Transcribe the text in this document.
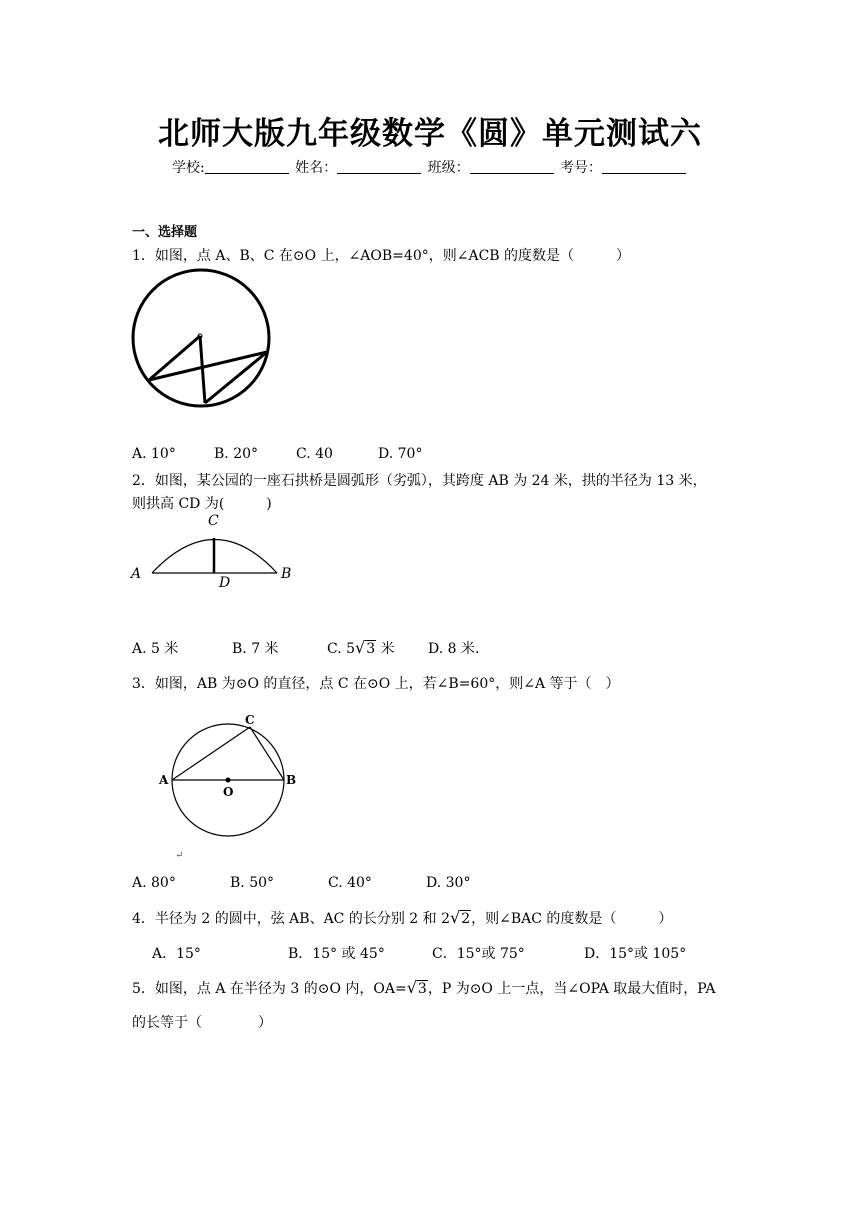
北师大版九年级数学《圆》单元测试六
学校:	姓名：	班级：	考号：
一、选择题
1．如图，点 A、B、C 在⊙O 上，∠AOB=40°，则∠ACB 的度数是（　　　）
A. 10°	B. 20°	C. 40	D. 70°
2．如图，某公园的一座石拱桥是圆弧形（劣弧），其跨度 AB 为 24 米，拱的半径为 13 米，
则拱高 CD 为(　　　)
A	B
C
D
A. 5 米	B. 7 米	C. 5√3 米 D. 8 米.
3．如图，AB 为⊙O 的直径，点 C 在⊙O 上，若∠B=60°，则∠A 等于（　）
A	B
C
O
↵
A. 80°	B. 50°	C. 40°	D. 30°
4．半径为 2 的圆中，弦 AB、AC 的长分别 2 和 2√2，则∠BAC 的度数是（　　　）
A．15°	B．15° 或 45°	C．15°或 75°	D．15°或 105°
5．如图，点 A 在半径为 3 的⊙O 内，OA=√3，P 为⊙O 上一点，当∠OPA 取最大值时，PA
的长等于（　　　　）
